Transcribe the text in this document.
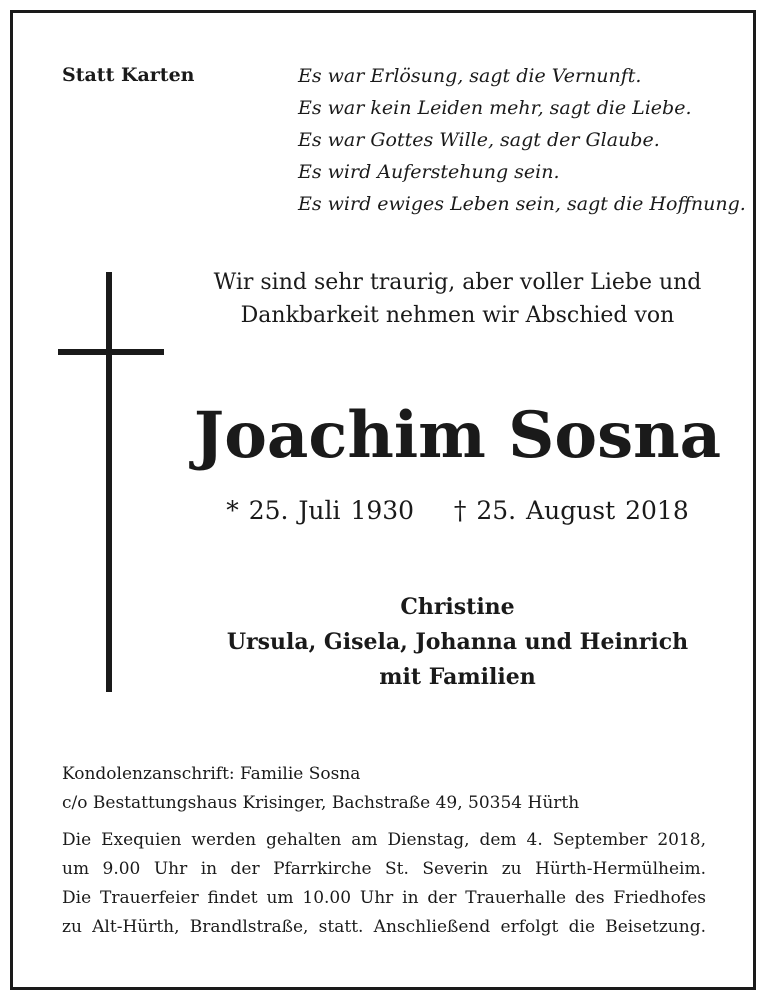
Statt Karten	Es war Erlösung, sagt die Vernunft.
Es war kein Leiden mehr, sagt die Liebe.
Es war Gottes Wille, sagt der Glaube.
Es wird Auferstehung sein.
Es wird ewiges Leben sein, sagt die Hoffnung.
Wir sind sehr traurig, aber voller Liebe und
Dankbarkeit nehmen wir Abschied von
Joachim Sosna
* 25. Juli 1930 † 25. August 2018
Christine
Ursula, Gisela, Johanna und Heinrich
mit Familien
Kondolenzanschrift: Familie Sosna
c/o Bestattungshaus Krisinger, Bachstraße 49, 50354 Hürth
Die Exequien werden gehalten am Dienstag, dem 4. September 2018,
um 9.00 Uhr in der Pfarrkirche St. Severin zu Hürth-Hermülheim.
Die Trauerfeier findet um 10.00 Uhr in der Trauerhalle des Friedhofes
zu Alt-Hürth, Brandlstraße, statt. Anschließend erfolgt die Beisetzung.
